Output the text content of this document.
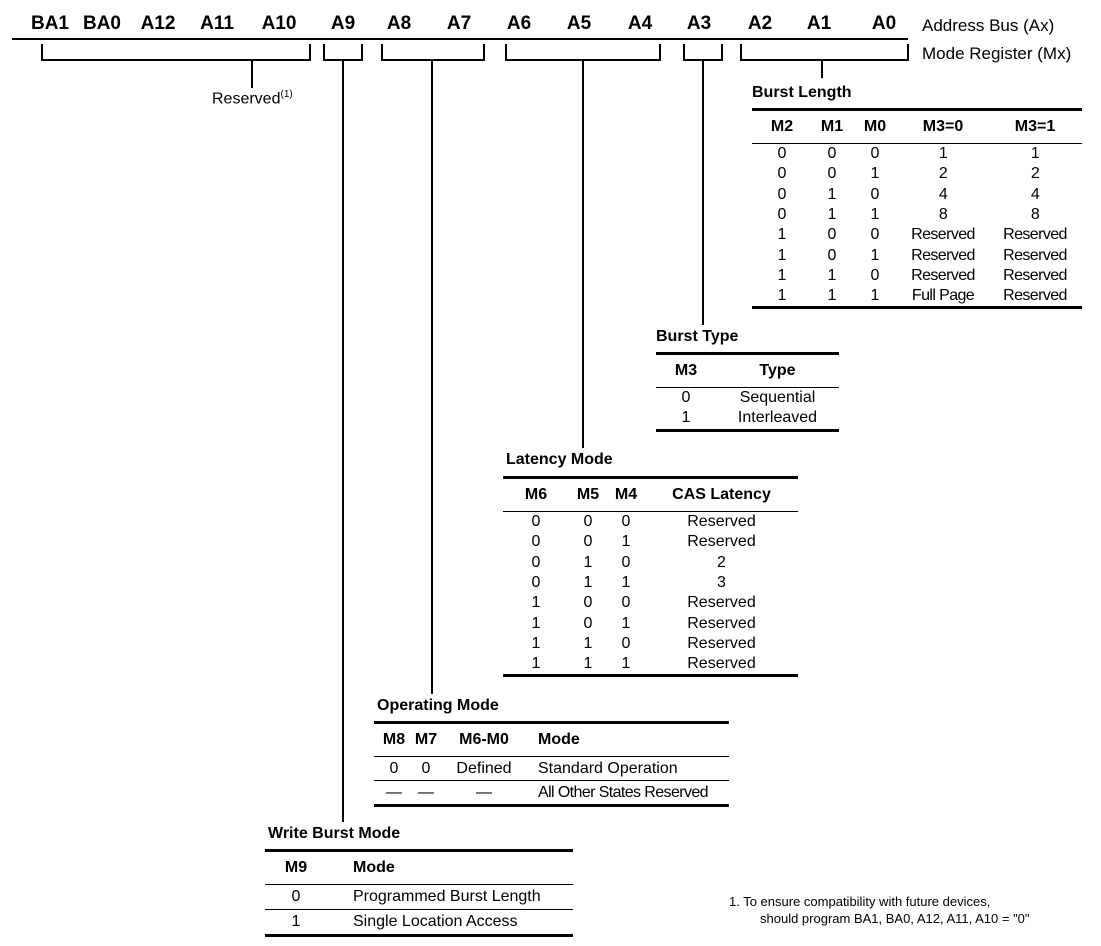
BA1 BA0	A12	A11	A10	A9	A8	A7	A6	A5	A4	A3	A2	A1	A0	Address Bus (Ax)
Mode Register (Mx)
Reserved$^{(1)}$	Burst Length
M2	M1	M0	M3=0	M3=1
0	0	0	1	1
0	0	1	2	2
0	1	0	4	4
0	1	1	8	8
1	0	0	Reserved	Reserved
1	0	1	Reserved	Reserved
1	1	0	Reserved	Reserved
1	1	1	Full Page	Reserved
Burst Type
M3	Type
0	Sequential
1	Interleaved
Latency Mode
M6	M5	M4	CAS Latency
0	0	0	Reserved
0	0	1	Reserved
0	1	0	2
0	1	1	3
1	0	0	Reserved
1	0	1	Reserved
1	1	0	Reserved
1	1	1	Reserved
Operating Mode
M8	M7	M6-M0	Mode
0	0	Defined	Standard Operation
—	—	—	All Other States Reserved
Write Burst Mode
M9	Mode
0	Programmed Burst Length
1	Single Location Access
1. To ensure compatibility with future devices,
should program BA1, BA0, A12, A11, A10 = "0"
